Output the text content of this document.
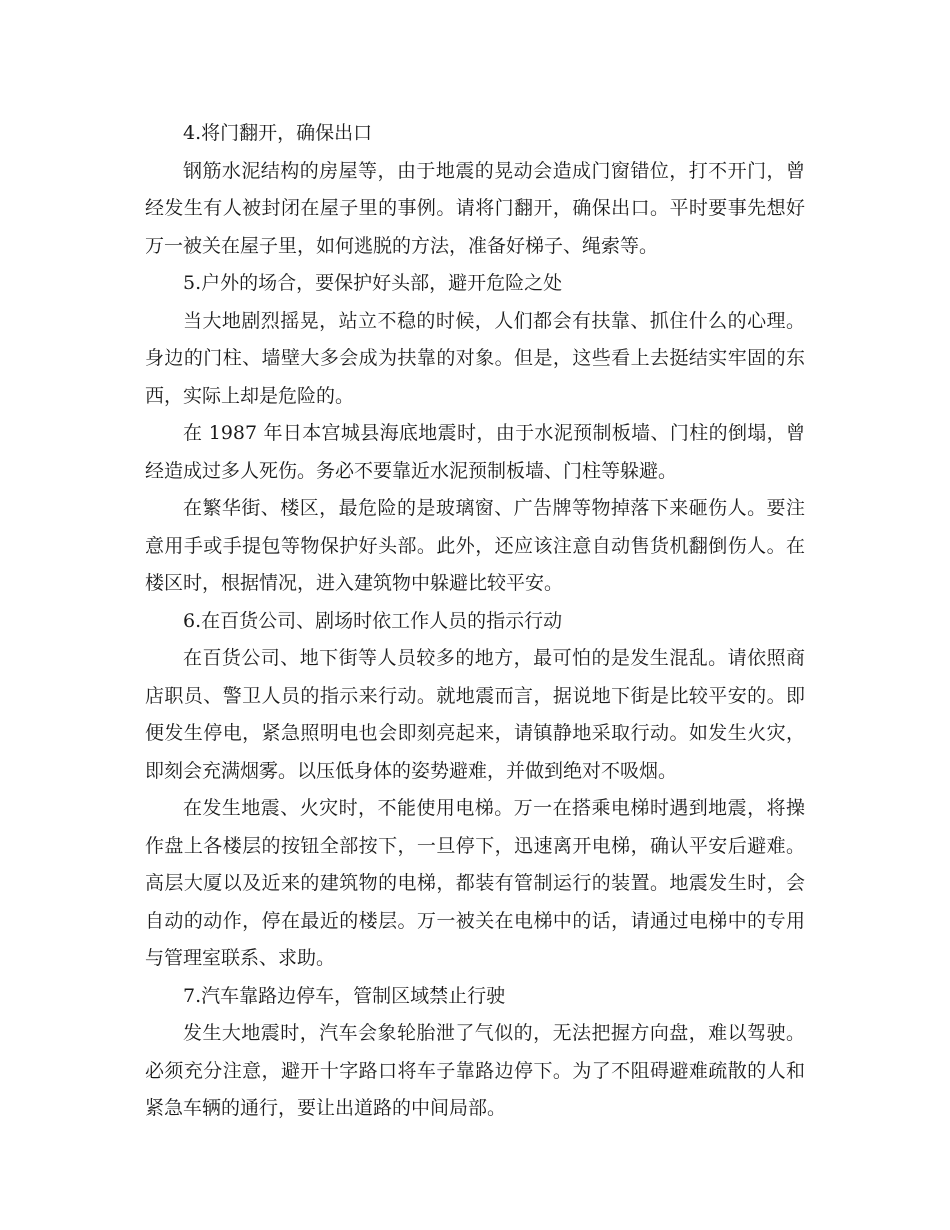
4.将门翻开，确保出口

钢筋水泥结构的房屋等，由于地震的晃动会造成门窗错位，打不开门，曾经发生有人被封闭在屋子里的事例。请将门翻开，确保出口。平时要事先想好万一被关在屋子里，如何逃脱的方法，准备好梯子、绳索等。

5.户外的场合，要保护好头部，避开危险之处

当大地剧烈摇晃，站立不稳的时候，人们都会有扶靠、抓住什么的心理。身边的门柱、墙壁大多会成为扶靠的对象。但是，这些看上去挺结实牢固的东西，实际上却是危险的。

在 1987 年日本宫城县海底地震时，由于水泥预制板墙、门柱的倒塌，曾经造成过多人死伤。务必不要靠近水泥预制板墙、门柱等躲避。

在繁华街、楼区，最危险的是玻璃窗、广告牌等物掉落下来砸伤人。要注意用手或手提包等物保护好头部。此外，还应该注意自动售货机翻倒伤人。在楼区时，根据情况，进入建筑物中躲避比较平安。

6.在百货公司、剧场时依工作人员的指示行动

在百货公司、地下街等人员较多的地方，最可怕的是发生混乱。请依照商店职员、警卫人员的指示来行动。就地震而言，据说地下街是比较平安的。即便发生停电，紧急照明电也会即刻亮起来，请镇静地采取行动。如发生火灾，即刻会充满烟雾。以压低身体的姿势避难，并做到绝对不吸烟。

在发生地震、火灾时，不能使用电梯。万一在搭乘电梯时遇到地震，将操作盘上各楼层的按钮全部按下，一旦停下，迅速离开电梯，确认平安后避难。高层大厦以及近来的建筑物的电梯，都装有管制运行的装置。地震发生时，会自动的动作，停在最近的楼层。万一被关在电梯中的话，请通过电梯中的专用 与管理室联系、求助。

7.汽车靠路边停车，管制区域禁止行驶

发生大地震时，汽车会象轮胎泄了气似的，无法把握方向盘，难以驾驶。必须充分注意，避开十字路口将车子靠路边停下。为了不阻碍避难疏散的人和紧急车辆的通行，要让出道路的中间局部。
